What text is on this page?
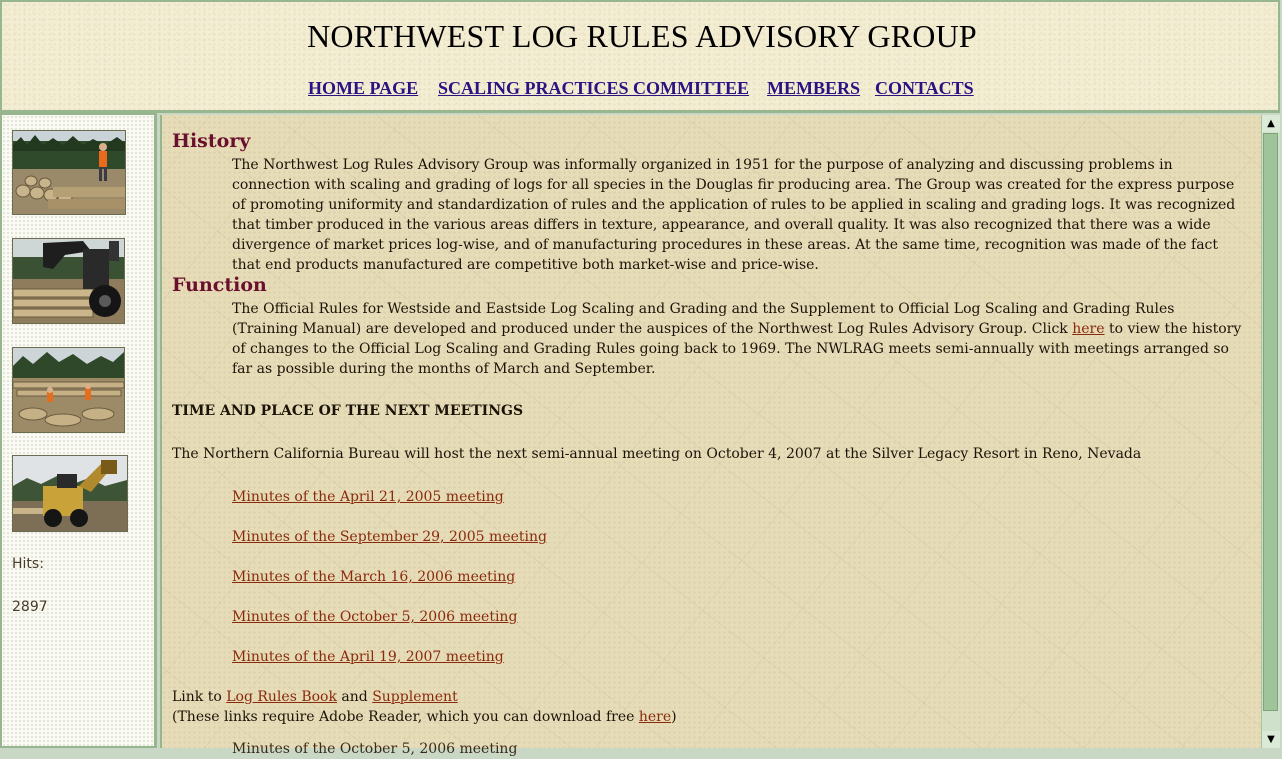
NORTHWEST LOG RULES ADVISORY GROUP
HOME PAGE SCALING PRACTICES COMMITTEE MEMBERS CONTACTS
Hits:
2897
History
The Northwest Log Rules Advisory Group was informally organized in 1951 for the purpose of analyzing and discussing problems in connection with scaling and grading of logs for all species in the Douglas fir producing area. The Group was created for the express purpose of promoting uniformity and standardization of rules and the application of rules to be applied in scaling and grading logs. It was recognized that timber produced in the various areas differs in texture, appearance, and overall quality. It was also recognized that there was a wide divergence of market prices log-wise, and of manufacturing procedures in these areas. At the same time, recognition was made of the fact that end products manufactured are competitive both market-wise and price-wise.
Function
The Official Rules for Westside and Eastside Log Scaling and Grading and the Supplement to Official Log Scaling and Grading Rules (Training Manual) are developed and produced under the auspices of the Northwest Log Rules Advisory Group. Click here to view the history of changes to the Official Log Scaling and Grading Rules going back to 1969. The NWLRAG meets semi-annually with meetings arranged so far as possible during the months of March and September.
TIME AND PLACE OF THE NEXT MEETINGS
The Northern California Bureau will host the next semi-annual meeting on October 4, 2007 at the Silver Legacy Resort in Reno, Nevada
Minutes of the April 21, 2005 meeting
Minutes of the September 29, 2005 meeting
Minutes of the March 16, 2006 meeting
Minutes of the October 5, 2006 meeting
Minutes of the April 19, 2007 meeting
Link to Log Rules Book and Supplement
(These links require Adobe Reader, which you can download free here)
Minutes of the October 5, 2006 meeting
▲
▼
